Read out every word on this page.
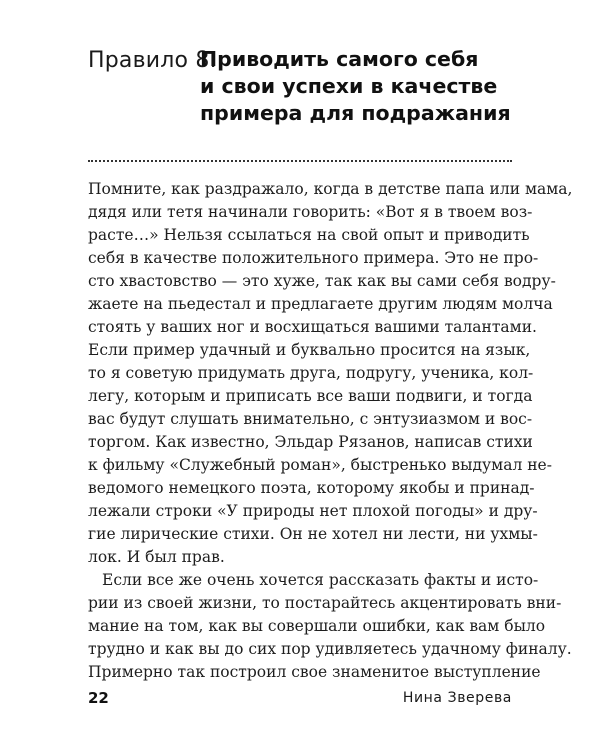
Правило 8.
Приводить самого себя
и свои успехи в качестве
примера для подражания
Помните, как раздражало, когда в детстве папа или мама,
дядя или тетя начинали говорить: «Вот я в твоем воз-
расте…» Нельзя ссылаться на свой опыт и приводить
себя в качестве положительного примера. Это не про-
сто хвастовство — это хуже, так как вы сами себя водру-
жаете на пьедестал и предлагаете другим людям молча
стоять у ваших ног и восхищаться вашими талантами.
Если пример удачный и буквально просится на язык,
то я советую придумать друга, подругу, ученика, кол-
легу, которым и приписать все ваши подвиги, и тогда
вас будут слушать внимательно, с энтузиазмом и вос-
торгом. Как известно, Эльдар Рязанов, написав стихи
к фильму «Служебный роман», быстренько выдумал не-
ведомого немецкого поэта, которому якобы и принад-
лежали строки «У природы нет плохой погоды» и дру-
гие лирические стихи. Он не хотел ни лести, ни ухмы-
лок. И был прав.
Если все же очень хочется рассказать факты и исто-
рии из своей жизни, то постарайтесь акцентировать вни-
мание на том, как вы совершали ошибки, как вам было
трудно и как вы до сих пор удивляетесь удачному финалу.
Примерно так построил свое знаменитое выступление
22	Нина Зверева
